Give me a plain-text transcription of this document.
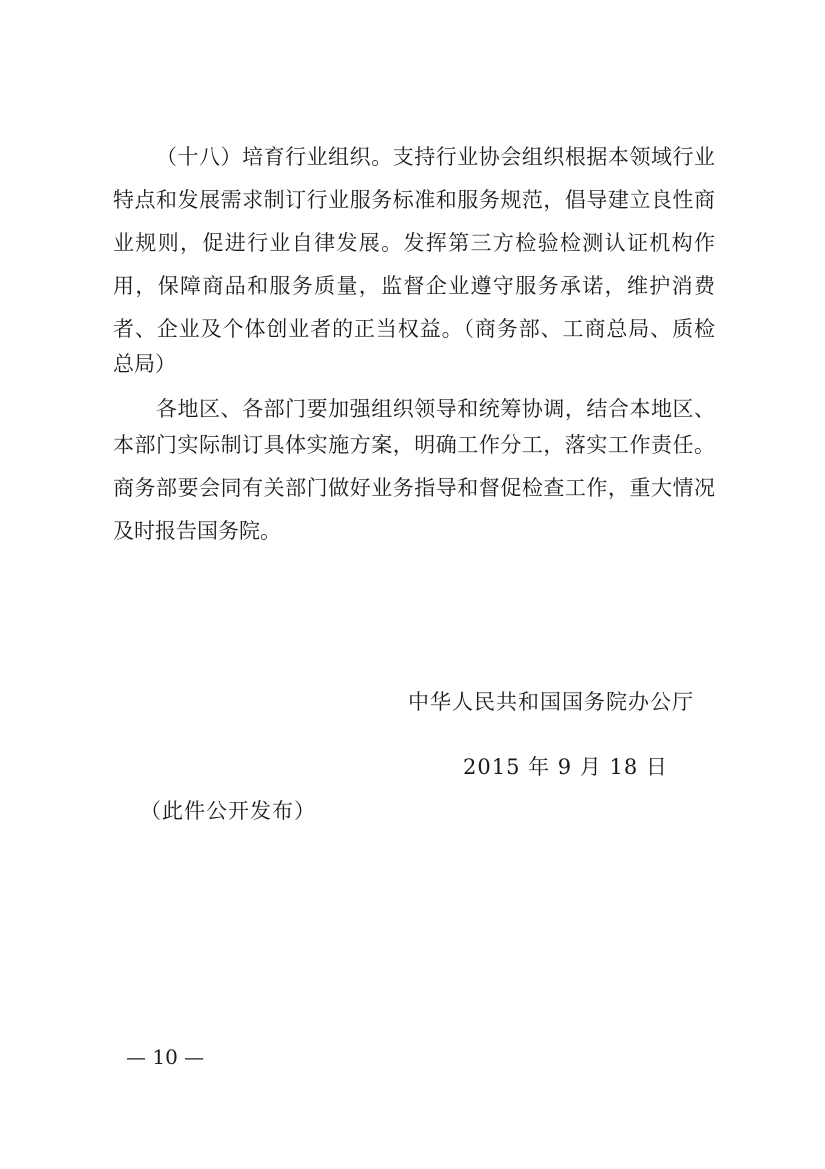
（十八）培育行业组织。支持行业协会组织根据本领域行业
特点和发展需求制订行业服务标准和服务规范，倡导建立良性商
业规则，促进行业自律发展。发挥第三方检验检测认证机构作
用，保障商品和服务质量，监督企业遵守服务承诺，维护消费
者、企业及个体创业者的正当权益。（商务部、工商总局、质检
总局）
各地区、各部门要加强组织领导和统筹协调，结合本地区、
本部门实际制订具体实施方案，明确工作分工，落实工作责任。
商务部要会同有关部门做好业务指导和督促检查工作，重大情况
及时报告国务院。
中华人民共和国国务院办公厅
2015 年 9 月 18 日
（此件公开发布）
— 10 —
